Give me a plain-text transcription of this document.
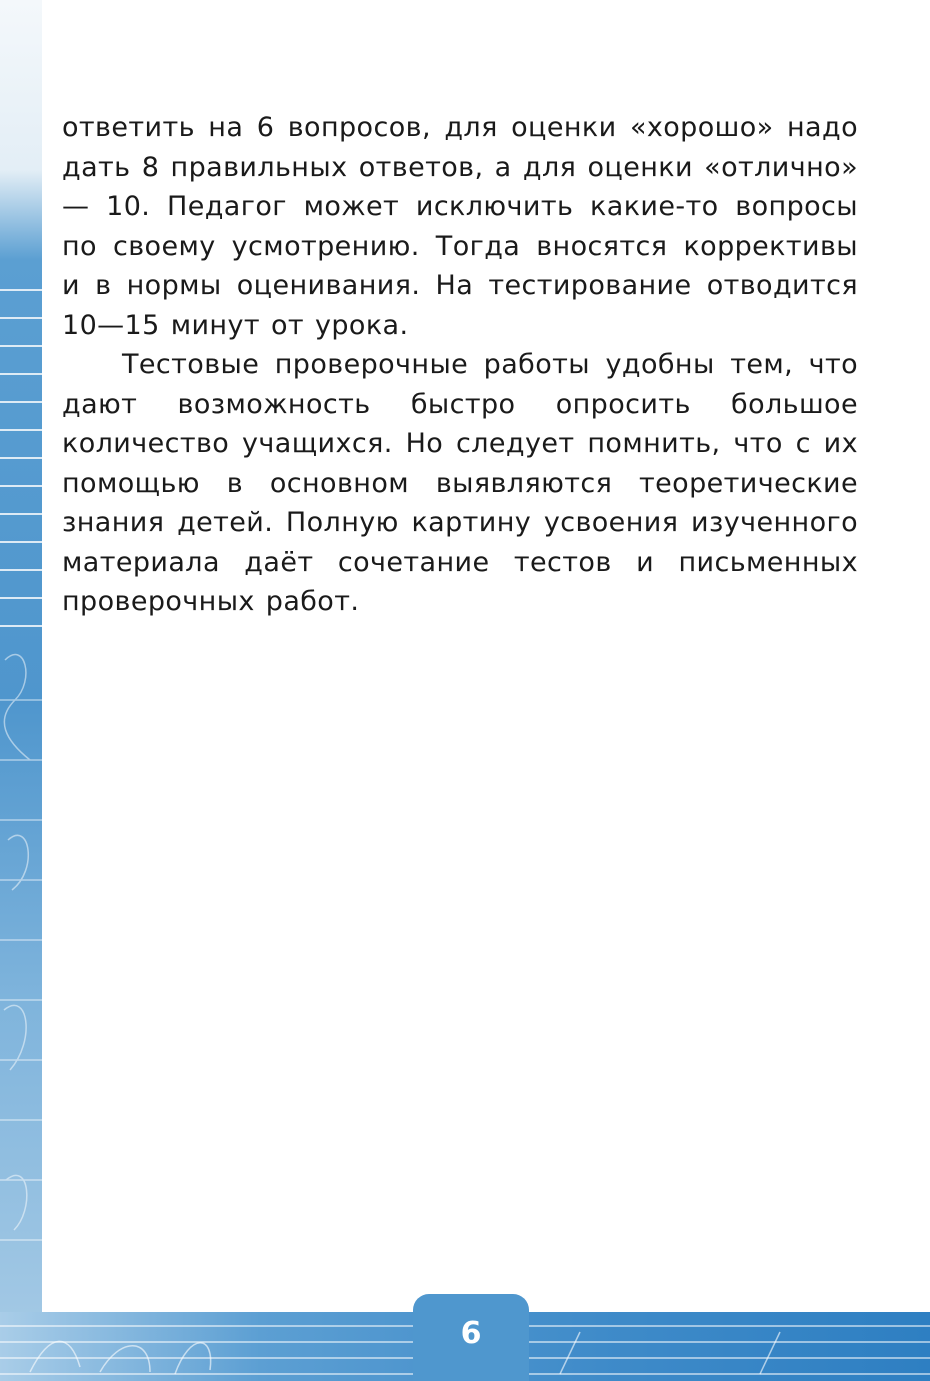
6

ответить на 6 вопросов, для оценки «хорошо» надо дать 8 правильных ответов, а для оценки «отлично» — 10. Педагог может исключить какие-то вопросы по своему усмотрению. Тогда вносятся коррективы и в нормы оценивания. На тестирование отводится 10—15 минут от урока.

Тестовые проверочные работы удобны тем, что дают возможность быстро опросить большое количество учащихся. Но следует помнить, что с их помощью в основном выявляются теоретические знания детей. Полную картину усвоения изученного материала даёт сочетание тестов и письменных проверочных работ.
